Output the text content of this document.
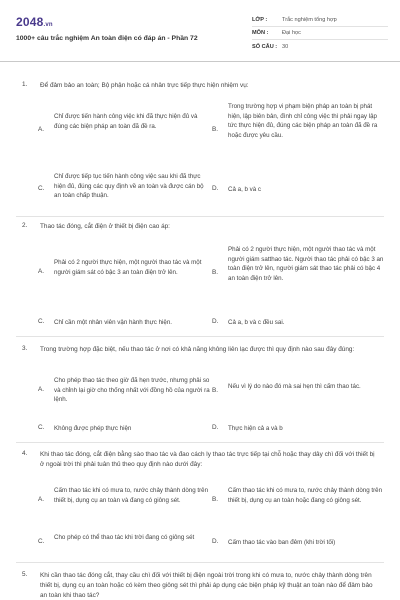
2048.vn
1000+ câu trắc nghiệm An toàn điện có đáp án - Phần 72
LỚP :	Trắc nghiệm tổng hợp
MÔN :	Đại học
SỐ CÂU : 30
1. Để đảm bảo an toàn; Bộ phận hoặc cá nhân trực tiếp thực hiện nhiệm vụ:
A.
Chỉ được tiến hành công việc khi đã thực hiện đủ và đúng các biện pháp an toàn đã đề ra.	B.
Trong trường hợp vi phạm biện pháp an toàn bị phát hiện, lập biên bản, đình chỉ công việc thì phải ngay lập tức thực hiện đủ, đúng các biện pháp an toàn đã đề ra hoặc được yêu cầu.
C.
Chỉ được tiếp tục tiến hành công việc sau khi đã thực hiện đủ, đúng các quy định về an toàn và được cán bộ an toàn chấp thuận.
D. Cả a, b và c
2. Thao tác đóng, cắt điện ở thiết bị điện cao áp:
A.
Phải có 2 người thực hiện, một người thao tác và một người giám sát có bậc 3 an toàn điện trở lên.	B.
Phải có 2 người thực hiện, một người thao tác và một người giám satthao tác. Người thao tác phải có bậc 3 an toàn điện trở lên, người giám sát thao tác phải có bậc 4 an toàn điện trở lên.
C. Chỉ cần một nhân viên vận hành thực hiện.	D. Cả a, b và c đều sai.
3. Trong trường hợp đặc biệt, nếu thao tác ở nơi có khả năng không liên lạc được thì quy định nào sau đây đúng:
A.
Cho phép thao tác theo giờ đã hẹn trước, nhưng phải so và chỉnh lại giờ cho thống nhất với đồng hồ của người ra lệnh.
B.
Nếu vì lý do nào đó mà sai hẹn thì cấm thao tác.
C. Không được phép thực hiện	D. Thực hiện cả a và b
4. Khi thao tác đóng, cắt điện bằng sào thao tác và đao cách ly thao tác trực tiếp tại chỗ hoặc thay dây chì đối với thiết bị ở ngoài trời thì phải tuân thủ theo quy định nào dưới đây:
A.
Cấm thao tác khi có mưa to, nước chảy thành dòng trên thiết bị, dụng cụ an toàn và đang có giông sét.	B.
Cấm thao tác khi có mưa to, nước chảy thành dòng trên thiết bị, dụng cụ an toàn hoặc đang có giông sét.
C.
Cho phép có thể thao tác khi trời đang có giông sét
D. Cấm thao tác vào ban đêm (khi trời tối)
5. Khi cần thao tác đóng cắt, thay cầu chì đối với thiết bị điện ngoài trời trong khi có mưa to, nước chảy thành dòng trên thiết bị, dụng cụ an toàn hoặc có kèm theo giông sét thì phải áp dụng các biện pháp kỹ thuật an toàn nào để đảm bảo an toàn khi thao tác?
